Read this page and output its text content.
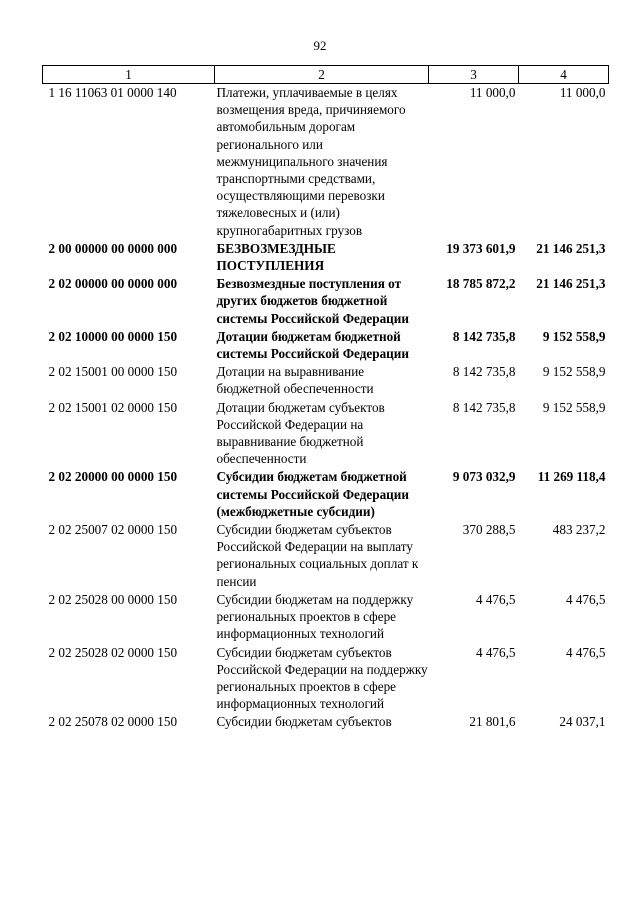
92
1	2	3	4
1 16 11063 01 0000 140	Платежи, уплачиваемые в целях возмещения вреда, причиняемого автомобильным дорогам регионального или межмуниципального значения транспортными средствами, осуществляющими перевозки тяжеловесных и (или) крупногабаритных грузов	11 000,0	11 000,0
2 00 00000 00 0000 000	БЕЗВОЗМЕЗДНЫЕ ПОСТУПЛЕНИЯ	19 373 601,9	21 146 251,3
2 02 00000 00 0000 000	Безвозмездные поступления от других бюджетов бюджетной системы Российской Федерации	18 785 872,2	21 146 251,3
2 02 10000 00 0000 150	Дотации бюджетам бюджетной системы Российской Федерации	8 142 735,8	9 152 558,9
2 02 15001 00 0000 150	Дотации на выравнивание бюджетной обеспеченности	8 142 735,8	9 152 558,9
2 02 15001 02 0000 150	Дотации бюджетам субъектов Российской Федерации на выравнивание бюджетной обеспеченности	8 142 735,8	9 152 558,9
2 02 20000 00 0000 150	Субсидии бюджетам бюджетной системы Российской Федерации (межбюджетные субсидии)	9 073 032,9	11 269 118,4
2 02 25007 02 0000 150	Субсидии бюджетам субъектов Российской Федерации на выплату региональных социальных доплат к пенсии	370 288,5	483 237,2
2 02 25028 00 0000 150	Субсидии бюджетам на поддержку региональных проектов в сфере информационных технологий	4 476,5	4 476,5
2 02 25028 02 0000 150	Субсидии бюджетам субъектов Российской Федерации на поддержку региональных проектов в сфере информационных технологий	4 476,5	4 476,5
2 02 25078 02 0000 150	Субсидии бюджетам субъектов	21 801,6	24 037,1
